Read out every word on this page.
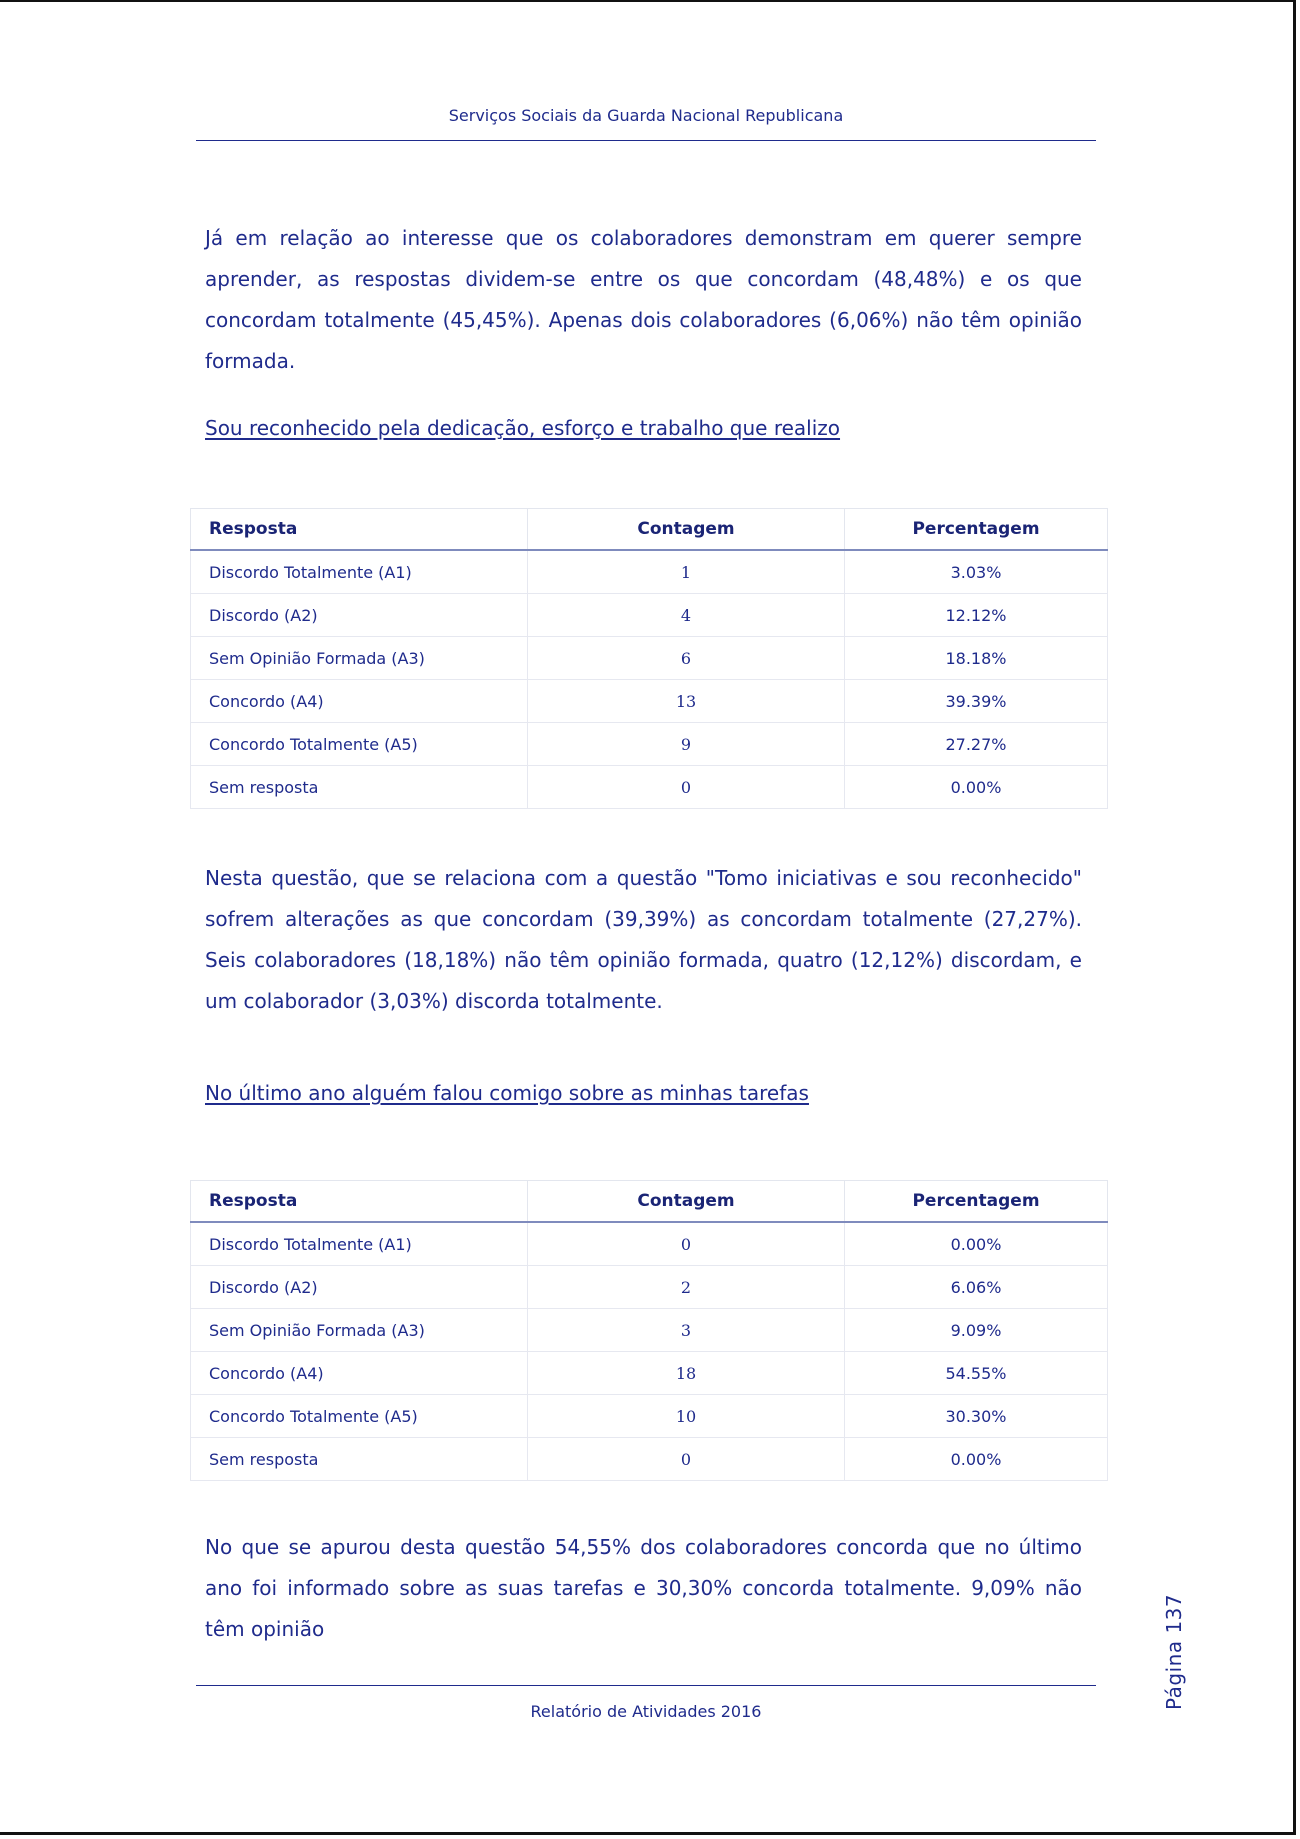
Serviços Sociais da Guarda Nacional Republicana

Já em relação ao interesse que os colaboradores demonstram em querer sempre aprender, as respostas dividem-se entre os que concordam (48,48%) e os que concordam totalmente (45,45%). Apenas dois colaboradores (6,06%) não têm opinião formada.

Sou reconhecido pela dedicação, esforço e trabalho que realizo

Resposta	Contagem	Percentagem
Discordo Totalmente (A1)	1	3.03%
Discordo (A2)	4	12.12%
Sem Opinião Formada (A3)	6	18.18%
Concordo (A4)	13	39.39%
Concordo Totalmente (A5)	9	27.27%
Sem resposta	0	0.00%

Nesta questão, que se relaciona com a questão "Tomo iniciativas e sou reconhecido" sofrem alterações as que concordam (39,39%) as concordam totalmente (27,27%). Seis colaboradores (18,18%) não têm opinião formada, quatro (12,12%) discordam, e um colaborador (3,03%) discorda totalmente.

No último ano alguém falou comigo sobre as minhas tarefas

Resposta	Contagem	Percentagem
Discordo Totalmente (A1)	0	0.00%
Discordo (A2)	2	6.06%
Sem Opinião Formada (A3)	3	9.09%
Concordo (A4)	18	54.55%
Concordo Totalmente (A5)	10	30.30%
Sem resposta	0	0.00%

No que se apurou desta questão 54,55% dos colaboradores concorda que no último ano foi informado sobre as suas tarefas e 30,30% concorda totalmente. 9,09% não têm opinião	Página 137
Relatório de Atividades 2016
